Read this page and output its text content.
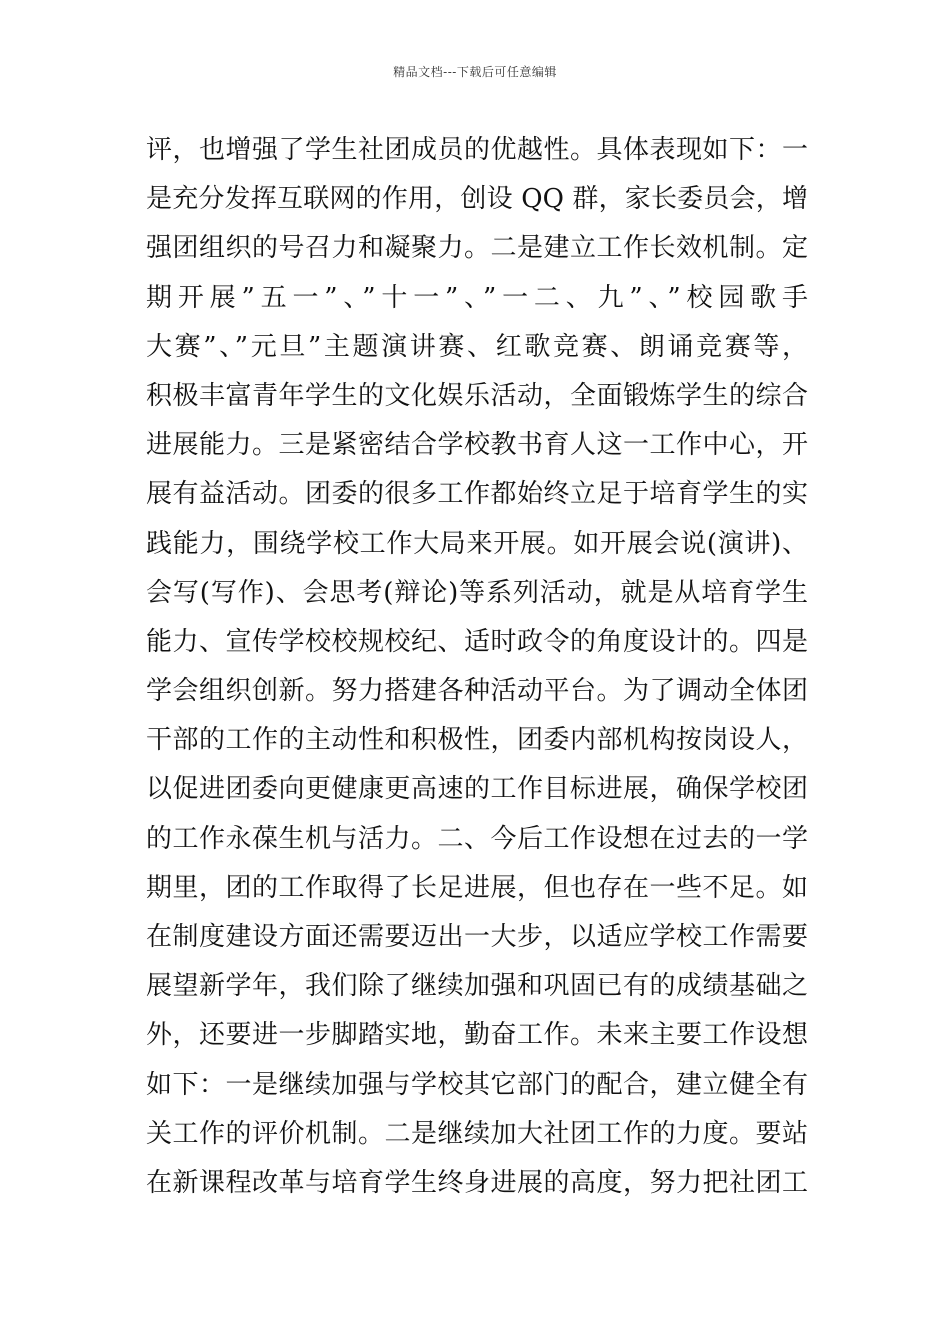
精品文档---下载后可任意编辑
评，也增强了学生社团成员的优越性。具体表现如下：一
是充分发挥互联网的作用，创设 QQ 群，家长委员会，增
强团组织的号召力和凝聚力。二是建立工作长效机制。定
期开展”五一”、”十一”、”一二、九”、”校园歌手
大赛”、”元旦”主题演讲赛、红歌竞赛、朗诵竞赛等，
积极丰富青年学生的文化娱乐活动，全面锻炼学生的综合
进展能力。三是紧密结合学校教书育人这一工作中心，开
展有益活动。团委的很多工作都始终立足于培育学生的实
践能力，围绕学校工作大局来开展。如开展会说(演讲)、
会写(写作)、会思考(辩论)等系列活动，就是从培育学生
能力、宣传学校校规校纪、适时政令的角度设计的。四是
学会组织创新。努力搭建各种活动平台。为了调动全体团
干部的工作的主动性和积极性，团委内部机构按岗设人，
以促进团委向更健康更高速的工作目标进展，确保学校团
的工作永葆生机与活力。二、今后工作设想在过去的一学
期里，团的工作取得了长足进展，但也存在一些不足。如
在制度建设方面还需要迈出一大步，以适应学校工作需要
展望新学年，我们除了继续加强和巩固已有的成绩基础之
外，还要进一步脚踏实地，勤奋工作。未来主要工作设想
如下：一是继续加强与学校其它部门的配合，建立健全有
关工作的评价机制。二是继续加大社团工作的力度。要站
在新课程改革与培育学生终身进展的高度，努力把社团工
